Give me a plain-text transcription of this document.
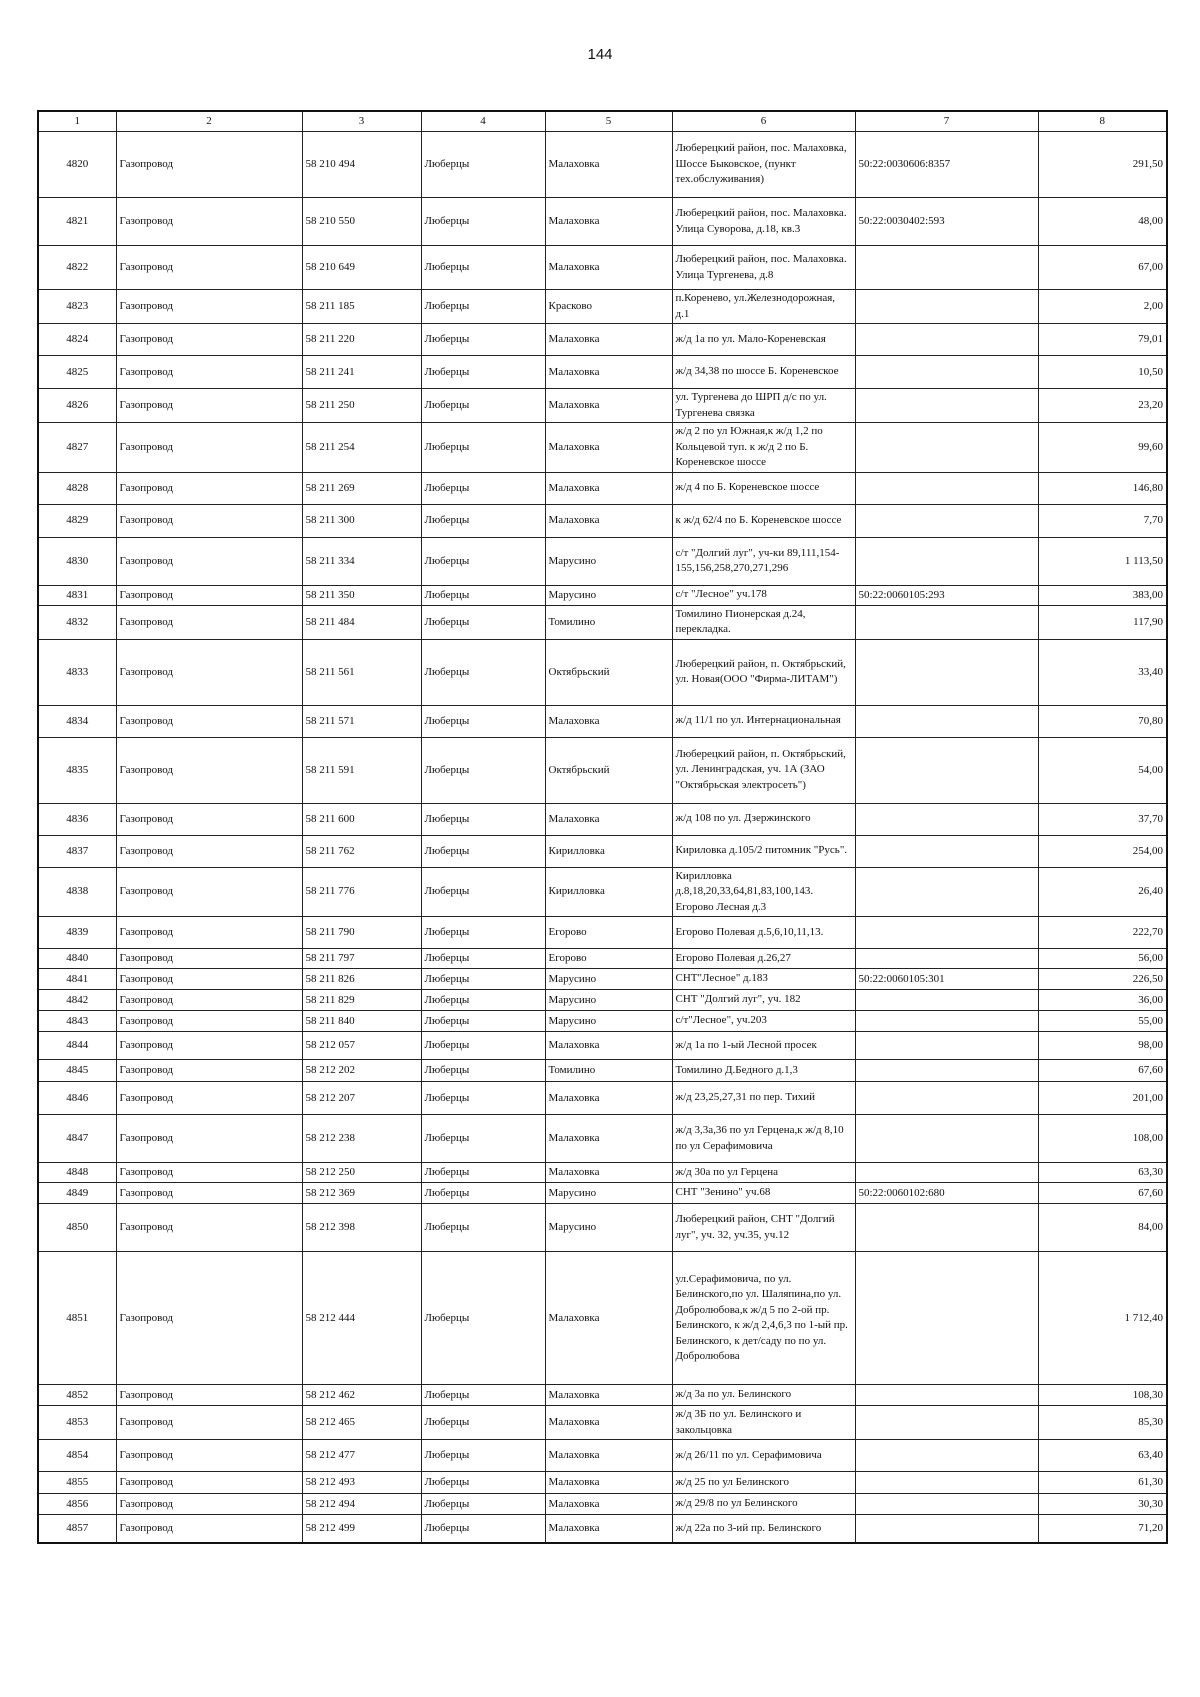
144
1	2	3	4	5	6	7	8
4820	Газопровод	58 210 494	Люберцы	Малаховка	Люберецкий район, пос. Малаховка, Шоссе Быковское, (пункт тех.обслуживания)	50:22:0030606:8357	291,50
4821	Газопровод	58 210 550	Люберцы	Малаховка	Люберецкий район, пос. Малаховка. Улица Суворова, д.18, кв.3	50:22:0030402:593	48,00
4822	Газопровод	58 210 649	Люберцы	Малаховка	Люберецкий район, пос. Малаховка. Улица Тургенева, д.8		67,00
4823	Газопровод	58 211 185	Люберцы	Красково	п.Коренево, ул.Железнодорожная, д.1		2,00
4824	Газопровод	58 211 220	Люберцы	Малаховка	ж/д 1а по ул. Мало-Кореневская		79,01
4825	Газопровод	58 211 241	Люберцы	Малаховка	ж/д 34,38 по шоссе Б. Кореневское		10,50
4826	Газопровод	58 211 250	Люберцы	Малаховка	ул. Тургенева до ШРП д/с по ул. Тургенева связка		23,20
4827	Газопровод	58 211 254	Люберцы	Малаховка	ж/д 2 по ул Южная,к ж/д 1,2 по Кольцевой туп. к ж/д 2 по Б. Кореневское шоссе		99,60
4828	Газопровод	58 211 269	Люберцы	Малаховка	ж/д 4 по Б. Кореневское шоссе		146,80
4829	Газопровод	58 211 300	Люберцы	Малаховка	к ж/д 62/4 по Б. Кореневское шоссе		7,70
4830	Газопровод	58 211 334	Люберцы	Марусино	с/т "Долгий луг", уч-ки 89,111,154-155,156,258,270,271,296		1 113,50
4831	Газопровод	58 211 350	Люберцы	Марусино	с/т "Лесное" уч.178	50:22:0060105:293	383,00
4832	Газопровод	58 211 484	Люберцы	Томилино	Томилино Пионерская д.24, перекладка.		117,90
4833	Газопровод	58 211 561	Люберцы	Октябрьский	Люберецкий район, п. Октябрьский, ул. Новая(ООО "Фирма-ЛИТАМ")		33,40
4834	Газопровод	58 211 571	Люберцы	Малаховка	ж/д 11/1 по ул. Интернациональная		70,80
4835	Газопровод	58 211 591	Люберцы	Октябрьский	Люберецкий район, п. Октябрьский, ул. Ленинградская, уч. 1А (ЗАО "Октябрьская электросеть")		54,00
4836	Газопровод	58 211 600	Люберцы	Малаховка	ж/д 108 по ул. Дзержинского		37,70
4837	Газопровод	58 211 762	Люберцы	Кирилловка	Кириловка д.105/2 питомник "Русь".		254,00
4838	Газопровод	58 211 776	Люберцы	Кирилловка	Кирилловка д.8,18,20,33,64,81,83,100,143. Егорово Лесная д.3		26,40
4839	Газопровод	58 211 790	Люберцы	Егорово	Егорово Полевая д.5,6,10,11,13.		222,70
4840	Газопровод	58 211 797	Люберцы	Егорово	Егорово Полевая д.26,27		56,00
4841	Газопровод	58 211 826	Люберцы	Марусино	СНТ"Лесное" д.183	50:22:0060105:301	226,50
4842	Газопровод	58 211 829	Люберцы	Марусино	СНТ "Долгий луг", уч. 182		36,00
4843	Газопровод	58 211 840	Люберцы	Марусино	с/т"Лесное", уч.203		55,00
4844	Газопровод	58 212 057	Люберцы	Малаховка	ж/д 1а по 1-ый Лесной просек		98,00
4845	Газопровод	58 212 202	Люберцы	Томилино	Томилино Д.Бедного д.1,3		67,60
4846	Газопровод	58 212 207	Люберцы	Малаховка	ж/д 23,25,27,31 по пер. Тихий		201,00
4847	Газопровод	58 212 238	Люберцы	Малаховка	ж/д 3,3а,36 по ул Герцена,к ж/д 8,10 по ул Серафимовича		108,00
4848	Газопровод	58 212 250	Люберцы	Малаховка	ж/д 30а по ул Герцена		63,30
4849	Газопровод	58 212 369	Люберцы	Марусино	СНТ "Зенино" уч.68	50:22:0060102:680	67,60
4850	Газопровод	58 212 398	Люберцы	Марусино	Люберецкий район, СНТ "Долгий луг", уч. 32, уч.35, уч.12		84,00
4851	Газопровод	58 212 444	Люберцы	Малаховка	ул.Серафимовича, по ул. Белинского,по ул. Шаляпина,по ул. Добролюбова,к ж/д 5 по 2-ой пр. Белинского, к ж/д 2,4,6,3 по 1-ый пр. Белинского, к дет/саду по по ул. Добролюбова		1 712,40
4852	Газопровод	58 212 462	Люберцы	Малаховка	ж/д 3а по ул. Белинского		108,30
4853	Газопровод	58 212 465	Люберцы	Малаховка	ж/д 3Б по ул. Белинского и закольцовка		85,30
4854	Газопровод	58 212 477	Люберцы	Малаховка	ж/д 26/11 по ул. Серафимовича		63,40
4855	Газопровод	58 212 493	Люберцы	Малаховка	ж/д 25 по ул Белинского		61,30
4856	Газопровод	58 212 494	Люберцы	Малаховка	ж/д 29/8 по ул Белинского		30,30
4857	Газопровод	58 212 499	Люберцы	Малаховка	ж/д 22а по 3-ий пр. Белинского		71,20
